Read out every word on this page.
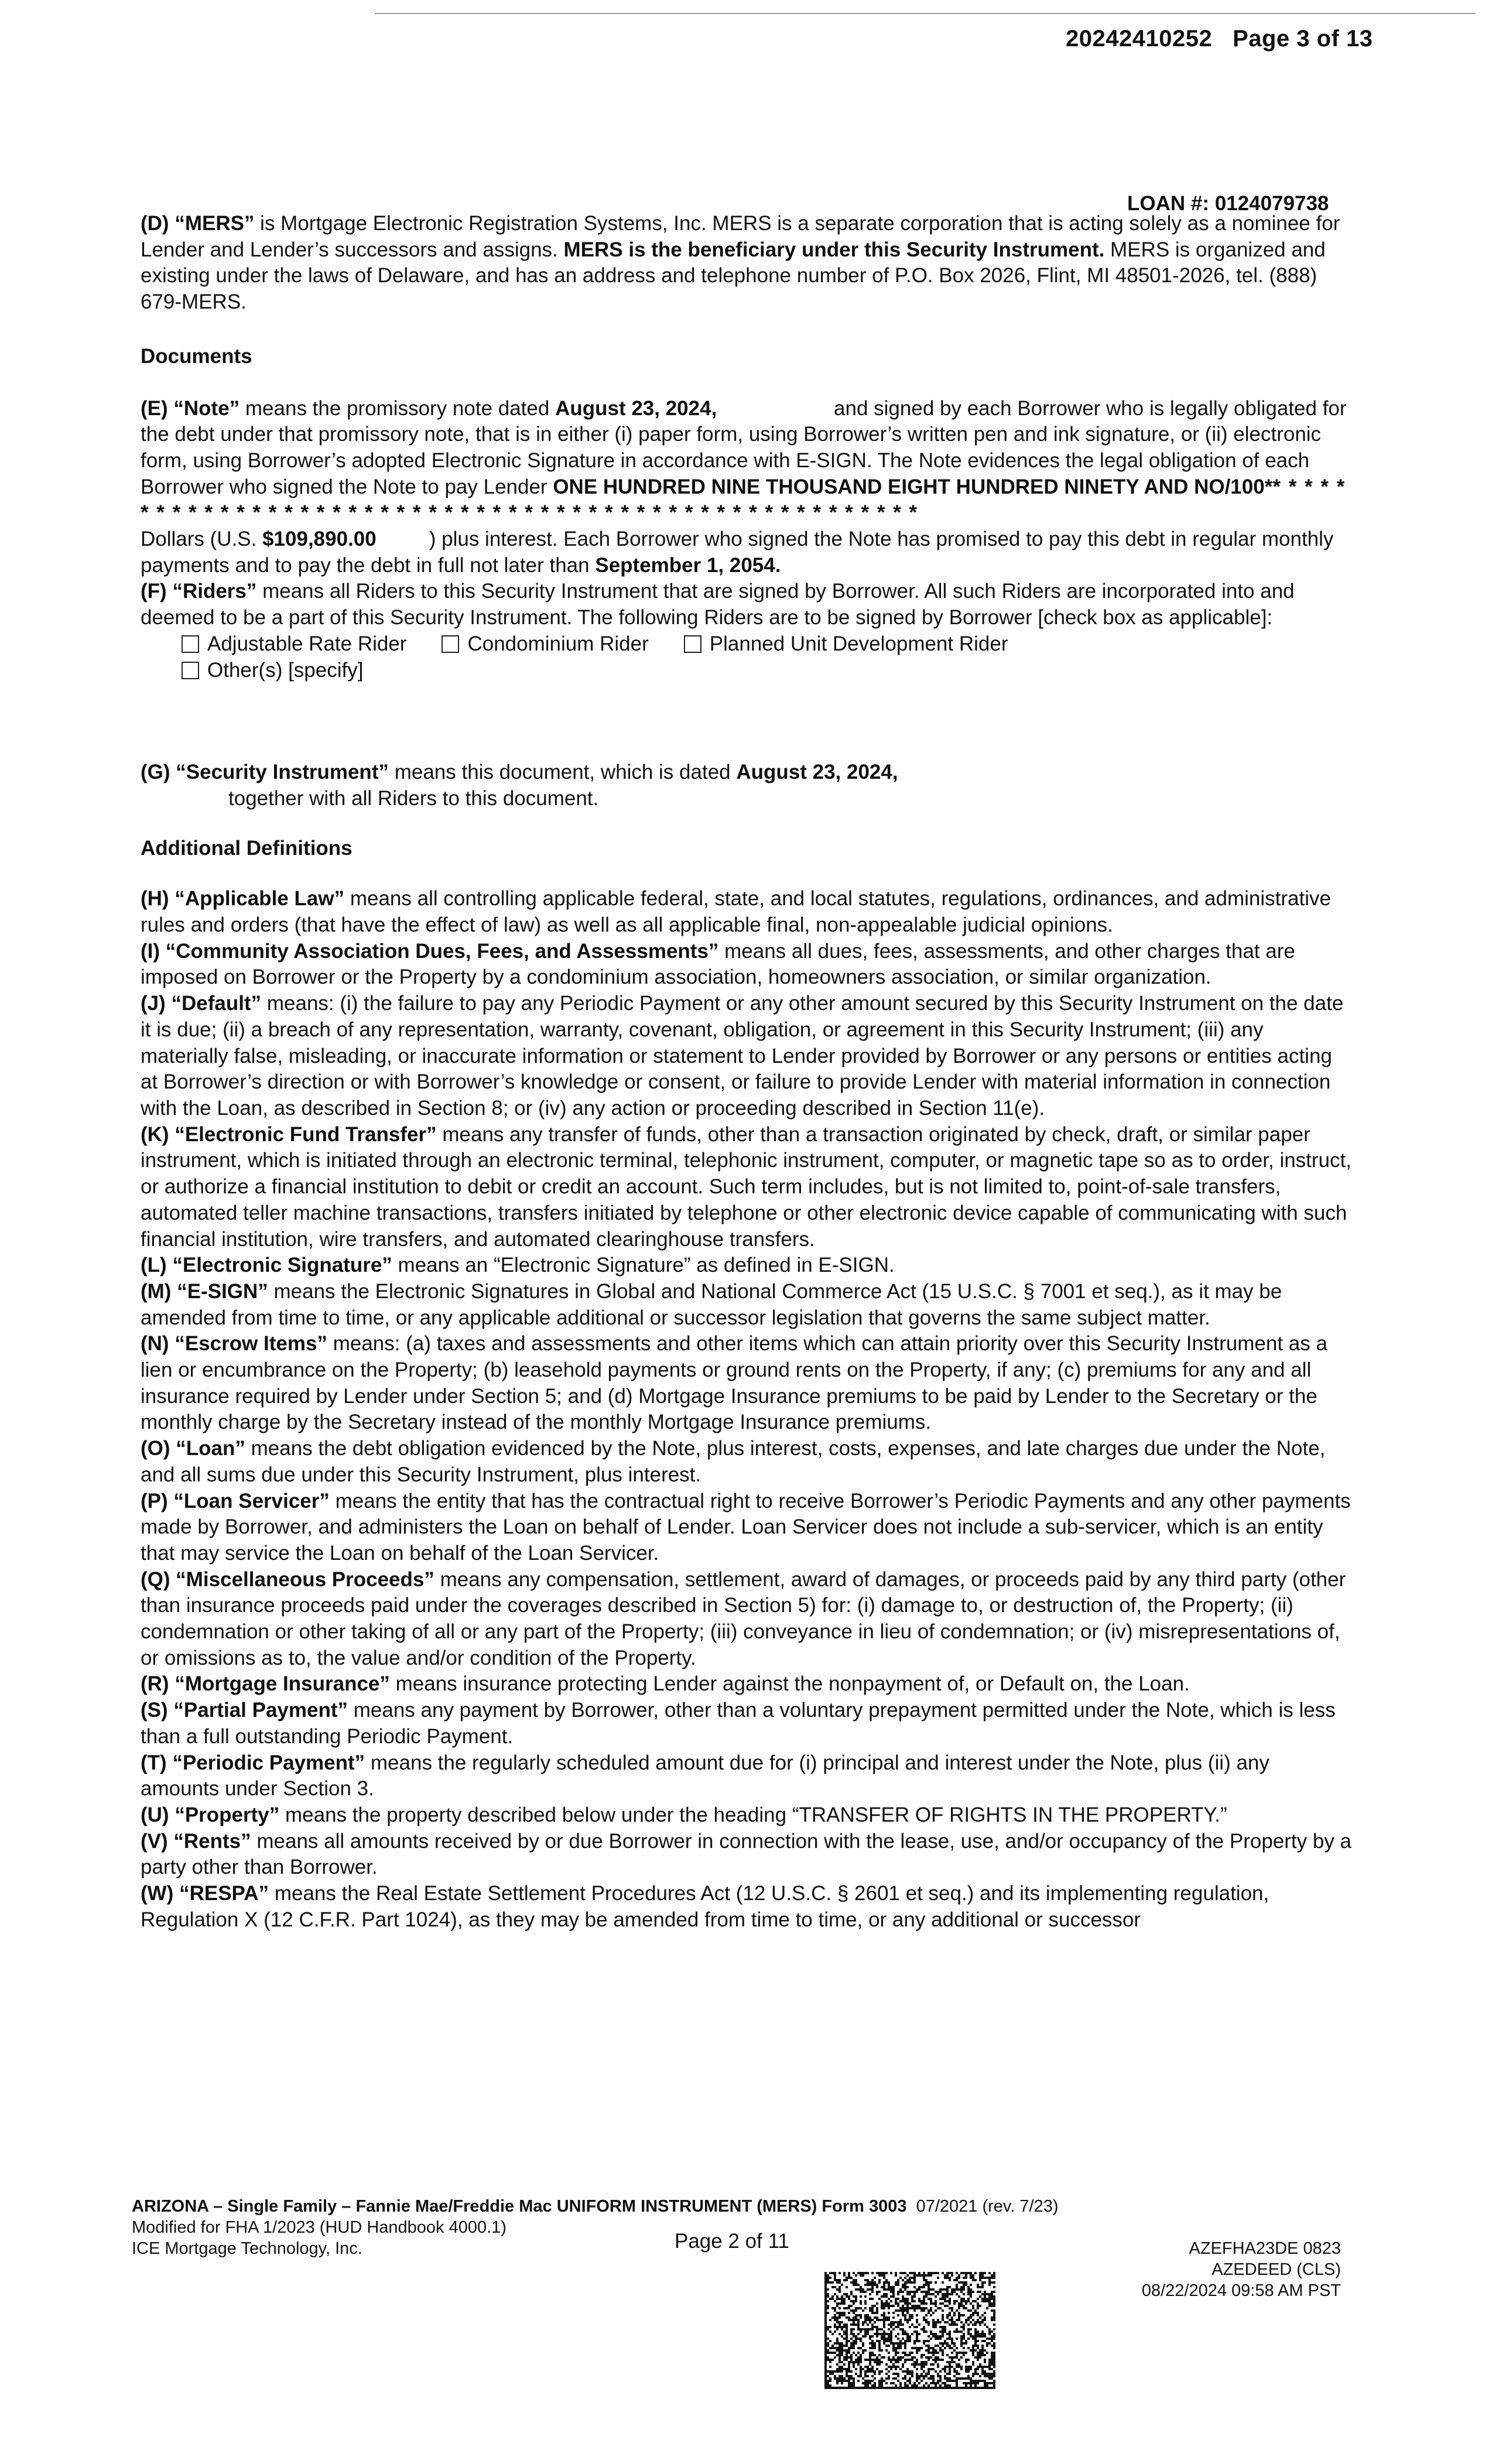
20242410252 Page 3 of 13
LOAN #: 0124079738

(D) “MERS” is Mortgage Electronic Registration Systems, Inc. MERS is a separate corporation that is acting solely as a nominee for Lender and Lender’s successors and assigns. MERS is the beneficiary under this Security Instrument. MERS is organized and existing under the laws of Delaware, and has an address and telephone number of P.O. Box 2026, Flint, MI 48501-2026, tel. (888) 679-MERS.

Documents

(E) “Note” means the promissory note dated August 23, 2024,	and signed by each Borrower who is legally obligated for the debt under that promissory note, that is in either (i) paper form, using Borrower’s written pen and ink signature, or (ii) electronic form, using Borrower’s adopted Electronic Signature in accordance with E-SIGN. The Note evidences the legal obligation of each Borrower who signed the Note to pay Lender ONE HUNDRED NINE THOUSAND EIGHT HUNDRED NINETY AND NO/100** * * * * * * * * * * * * * * * * * * * * * * * * * * * * * * * * * * * * * * * * * * * * * * * * * * * * *
Dollars (U.S. $109,890.00	) plus interest. Each Borrower who signed the Note has promised to pay this debt in regular monthly payments and to pay the debt in full not later than September 1, 2054.

(F) “Riders” means all Riders to this Security Instrument that are signed by Borrower. All such Riders are incorporated into and deemed to be a part of this Security Instrument. The following Riders are to be signed by Borrower [check box as applicable]:

Adjustable Rate Rider	Condominium Rider	Planned Unit Development Rider
Other(s) [specify]

(G) “Security Instrument” means this document, which is dated August 23, 2024,together with all Riders to this document.

Additional Definitions

(H) “Applicable Law” means all controlling applicable federal, state, and local statutes, regulations, ordinances, and administrative rules and orders (that have the effect of law) as well as all applicable final, non-appealable judicial opinions.

(I) “Community Association Dues, Fees, and Assessments” means all dues, fees, assessments, and other charges that are imposed on Borrower or the Property by a condominium association, homeowners association, or similar organization.

(J) “Default” means: (i) the failure to pay any Periodic Payment or any other amount secured by this Security Instrument on the date it is due; (ii) a breach of any representation, warranty, covenant, obligation, or agreement in this Security Instrument; (iii) any materially false, misleading, or inaccurate information or statement to Lender provided by Borrower or any persons or entities acting at Borrower’s direction or with Borrower’s knowledge or consent, or failure to provide Lender with material information in connection with the Loan, as described in Section 8; or (iv) any action or proceeding described in Section 11(e).

(K) “Electronic Fund Transfer” means any transfer of funds, other than a transaction originated by check, draft, or similar paper instrument, which is initiated through an electronic terminal, telephonic instrument, computer, or magnetic tape so as to order, instruct, or authorize a financial institution to debit or credit an account. Such term includes, but is not limited to, point-of-sale transfers, automated teller machine transactions, transfers initiated by telephone or other electronic device capable of communicating with such financial institution, wire transfers, and automated clearinghouse transfers.

(L) “Electronic Signature” means an “Electronic Signature” as defined in E-SIGN.

(M) “E-SIGN” means the Electronic Signatures in Global and National Commerce Act (15 U.S.C. § 7001 et seq.), as it may be amended from time to time, or any applicable additional or successor legislation that governs the same subject matter.

(N) “Escrow Items” means: (a) taxes and assessments and other items which can attain priority over this Security Instrument as a lien or encumbrance on the Property; (b) leasehold payments or ground rents on the Property, if any; (c) premiums for any and all insurance required by Lender under Section 5; and (d) Mortgage Insurance premiums to be paid by Lender to the Secretary or the monthly charge by the Secretary instead of the monthly Mortgage Insurance premiums.

(O) “Loan” means the debt obligation evidenced by the Note, plus interest, costs, expenses, and late charges due under the Note, and all sums due under this Security Instrument, plus interest.

(P) “Loan Servicer” means the entity that has the contractual right to receive Borrower’s Periodic Payments and any other payments made by Borrower, and administers the Loan on behalf of Lender. Loan Servicer does not include a sub-servicer, which is an entity that may service the Loan on behalf of the Loan Servicer.

(Q) “Miscellaneous Proceeds” means any compensation, settlement, award of damages, or proceeds paid by any third party (other than insurance proceeds paid under the coverages described in Section 5) for: (i) damage to, or destruction of, the Property; (ii) condemnation or other taking of all or any part of the Property; (iii) conveyance in lieu of condemnation; or (iv) misrepresentations of, or omissions as to, the value and/or condition of the Property.

(R) “Mortgage Insurance” means insurance protecting Lender against the nonpayment of, or Default on, the Loan.

(S) “Partial Payment” means any payment by Borrower, other than a voluntary prepayment permitted under the Note, which is less than a full outstanding Periodic Payment.

(T) “Periodic Payment” means the regularly scheduled amount due for (i) principal and interest under the Note, plus (ii) any amounts under Section 3.

(U) “Property” means the property described below under the heading “TRANSFER OF RIGHTS IN THE PROPERTY.”

(V) “Rents” means all amounts received by or due Borrower in connection with the lease, use, and/or occupancy of the Property by a party other than Borrower.

(W) “RESPA” means the Real Estate Settlement Procedures Act (12 U.S.C. § 2601 et seq.) and its implementing regulation, Regulation X (12 C.F.R. Part 1024), as they may be amended from time to time, or any additional or successor

ARIZONA – Single Family – Fannie Mae/Freddie Mac UNIFORM INSTRUMENT (MERS) Form 3003 07/2021 (rev. 7/23)
Modified for FHA 1/2023 (HUD Handbook 4000.1)
ICE Mortgage Technology, Inc.	Page 2 of 11	AZEFHA23DE 0823
AZEDEED (CLS)
08/22/2024 09:58 AM PST
